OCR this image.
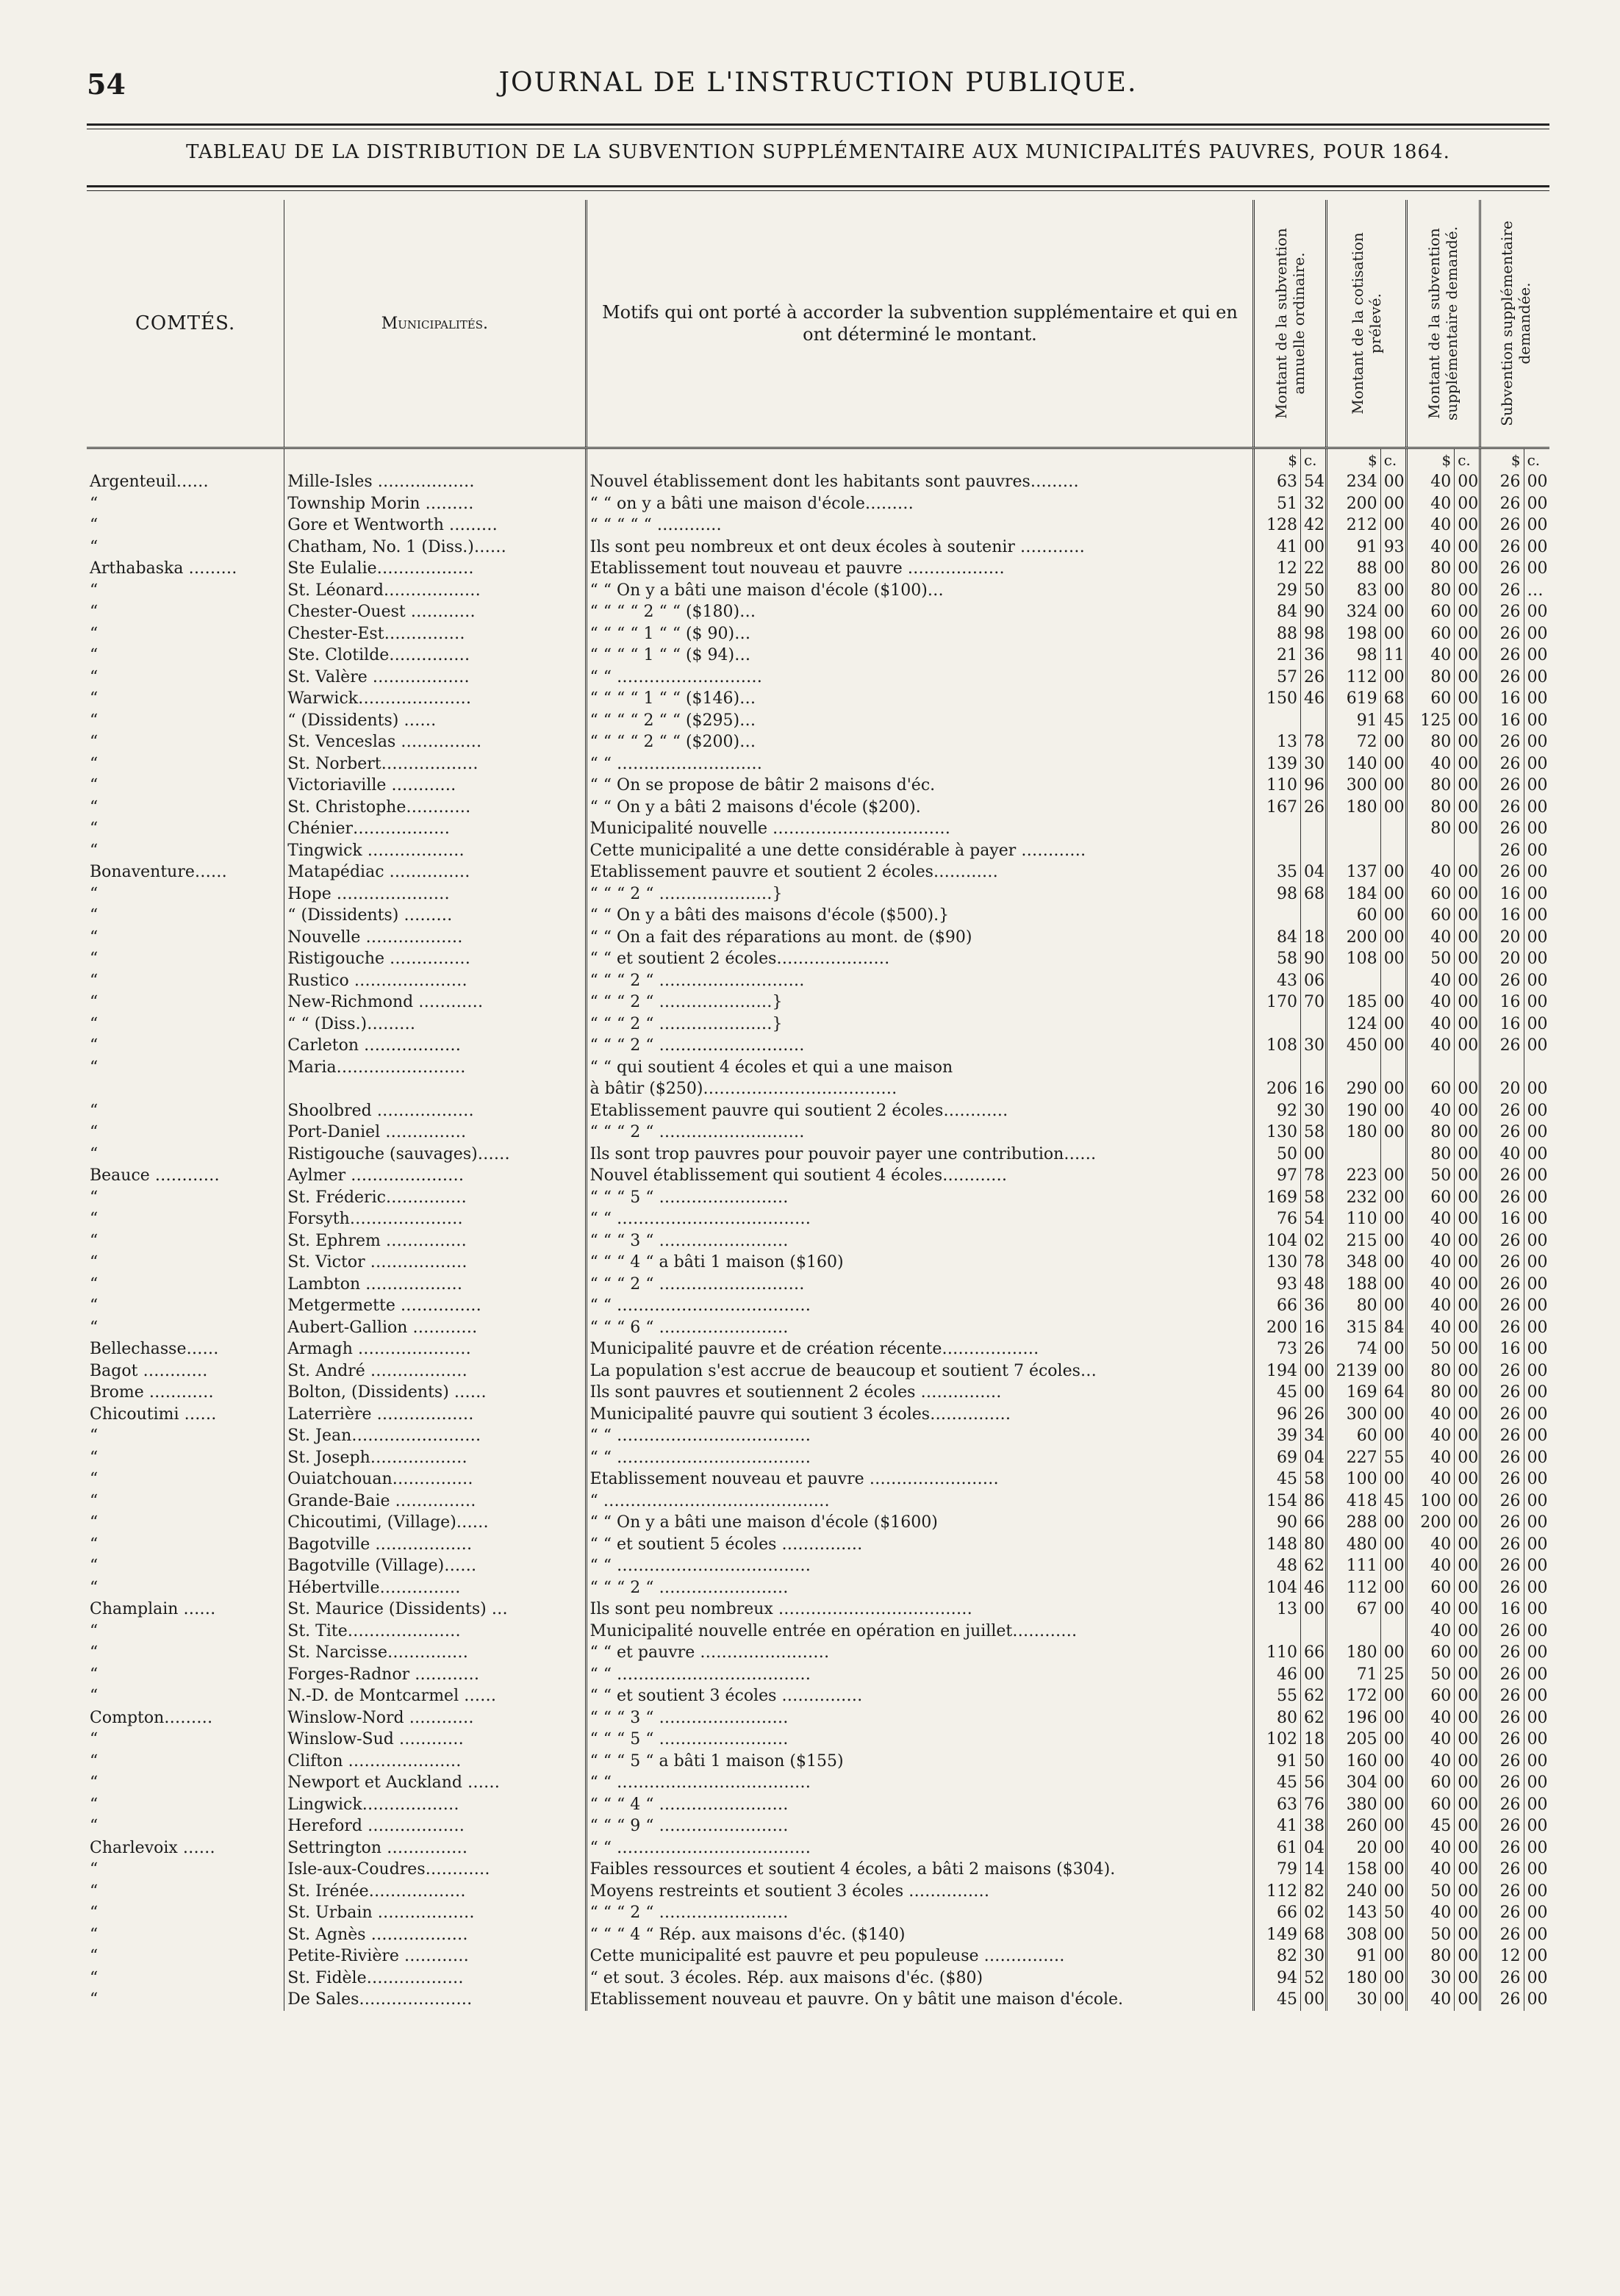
54	JOURNAL DE L'INSTRUCTION PUBLIQUE.
TABLEAU DE LA DISTRIBUTION DE LA SUBVENTION SUPPLÉMENTAIRE AUX MUNICIPALITÉS PAUVRES, POUR 1864.
COMTÉS.	Municipalités.	Motifs qui ont porté à accorder la subvention supplémentaire et qui en ont déterminé le montant.	Montant de la subvention annuelle ordinaire.		Montant de la cotisation prélevé.		Montant de la subvention supplémentaire demandé.		Subvention supplémentaire demandée.	

			$	c.	$	c.	$	c.	$	c.
Argenteuil……	Mille-Isles ………………	Nouvel établissement dont les habitants sont pauvres………	63	54	234	00	40	00	26	00
“	Township Morin ………	“ “ on y a bâti une maison d'école………	51	32	200	00	40	00	26	00
“	Gore et Wentworth ………	“ “ “ “ “ …………	128	42	212	00	40	00	26	00
“	Chatham, No. 1 (Diss.)……	Ils sont peu nombreux et ont deux écoles à soutenir …………	41	00	91	93	40	00	26	00
Arthabaska ………	Ste Eulalie………………	Etablissement tout nouveau et pauvre ………………	12	22	88	00	80	00	26	00
“	St. Léonard………………	“ “ On y a bâti une maison d'école ($100)…	29	50	83	00	80	00	26	…
“	Chester-Ouest …………	“ “ “ “ 2 “ “ ($180)…	84	90	324	00	60	00	26	00
“	Chester-Est……………	“ “ “ “ 1 “ “ ($ 90)…	88	98	198	00	60	00	26	00
“	Ste. Clotilde……………	“ “ “ “ 1 “ “ ($ 94)…	21	36	98	11	40	00	26	00
“	St. Valère ………………	“ “ ………………………	57	26	112	00	80	00	26	00
“	Warwick…………………	“ “ “ “ 1 “ “ ($146)…	150	46	619	68	60	00	16	00
“	“ (Dissidents) ……	“ “ “ “ 2 “ “ ($295)…			91	45	125	00	16	00
“	St. Venceslas ……………	“ “ “ “ 2 “ “ ($200)…	13	78	72	00	80	00	26	00
“	St. Norbert………………	“ “ ………………………	139	30	140	00	40	00	26	00
“	Victoriaville …………	“ “ On se propose de bâtir 2 maisons d'éc.	110	96	300	00	80	00	26	00
“	St. Christophe…………	“ “ On y a bâti 2 maisons d'école ($200).	167	26	180	00	80	00	26	00
“	Chénier………………	Municipalité nouvelle ……………………………					80	00	26	00
“	Tingwick ………………	Cette municipalité a une dette considérable à payer …………							26	00
Bonaventure……	Matapédiac ……………	Etablissement pauvre et soutient 2 écoles…………	35	04	137	00	40	00	26	00
“	Hope …………………	“ “ “ 2 “ …………………}	98	68	184	00	60	00	16	00
“	“ (Dissidents) ………	“ “ On y a bâti des maisons d'école ($500).}			60	00	60	00	16	00
“	Nouvelle ………………	“ “ On a fait des réparations au mont. de ($90)	84	18	200	00	40	00	20	00
“	Ristigouche ……………	“ “ et soutient 2 écoles…………………	58	90	108	00	50	00	20	00
“	Rustico …………………	“ “ “ 2 “ ………………………	43	06			40	00	26	00
“	New-Richmond …………	“ “ “ 2 “ …………………}	170	70	185	00	40	00	16	00
“	“ “ (Diss.)………	“ “ “ 2 “ …………………}			124	00	40	00	16	00
“	Carleton ………………	“ “ “ 2 “ ………………………	108	30	450	00	40	00	26	00
“	Maria……………………	“ “ qui soutient 4 écoles et qui a une maison								
		à bâtir ($250)………………………………	206	16	290	00	60	00	20	00
“	Shoolbred ………………	Etablissement pauvre qui soutient 2 écoles…………	92	30	190	00	40	00	26	00
“	Port-Daniel ……………	“ “ “ 2 “ ………………………	130	58	180	00	80	00	26	00
“	Ristigouche (sauvages)……	Ils sont trop pauvres pour pouvoir payer une contribution……	50	00			80	00	40	00
Beauce …………	Aylmer …………………	Nouvel établissement qui soutient 4 écoles…………	97	78	223	00	50	00	26	00
“	St. Fréderic……………	“ “ “ 5 “ ……………………	169	58	232	00	60	00	26	00
“	Forsyth…………………	“ “ ………………………………	76	54	110	00	40	00	16	00
“	St. Ephrem ……………	“ “ “ 3 “ ……………………	104	02	215	00	40	00	26	00
“	St. Victor ………………	“ “ “ 4 “ a bâti 1 maison ($160)	130	78	348	00	40	00	26	00
“	Lambton ………………	“ “ “ 2 “ ………………………	93	48	188	00	40	00	26	00
“	Metgermette ……………	“ “ ………………………………	66	36	80	00	40	00	26	00
“	Aubert-Gallion …………	“ “ “ 6 “ ……………………	200	16	315	84	40	00	26	00
Bellechasse……	Armagh …………………	Municipalité pauvre et de création récente………………	73	26	74	00	50	00	16	00
Bagot …………	St. André ………………	La population s'est accrue de beaucoup et soutient 7 écoles…	194	00	2139	00	80	00	26	00
Brome …………	Bolton, (Dissidents) ……	Ils sont pauvres et soutiennent 2 écoles ……………	45	00	169	64	80	00	26	00
Chicoutimi ……	Laterrière ………………	Municipalité pauvre qui soutient 3 écoles……………	96	26	300	00	40	00	26	00
“	St. Jean……………………	“ “ ………………………………	39	34	60	00	40	00	26	00
“	St. Joseph………………	“ “ ………………………………	69	04	227	55	40	00	26	00
“	Ouiatchouan……………	Etablissement nouveau et pauvre ……………………	45	58	100	00	40	00	26	00
“	Grande-Baie ……………	“ ……………………………………	154	86	418	45	100	00	26	00
“	Chicoutimi, (Village)……	“ “ On y a bâti une maison d'école ($1600)	90	66	288	00	200	00	26	00
“	Bagotville ………………	“ “ et soutient 5 écoles ……………	148	80	480	00	40	00	26	00
“	Bagotville (Village)……	“ “ ………………………………	48	62	111	00	40	00	26	00
“	Hébertville……………	“ “ “ 2 “ ……………………	104	46	112	00	60	00	26	00
Champlain ……	St. Maurice (Dissidents) …	Ils sont peu nombreux ………………………………	13	00	67	00	40	00	16	00
“	St. Tite…………………	Municipalité nouvelle entrée en opération en juillet…………					40	00	26	00
“	St. Narcisse……………	“ “ et pauvre ……………………	110	66	180	00	60	00	26	00
“	Forges-Radnor …………	“ “ ………………………………	46	00	71	25	50	00	26	00
“	N.-D. de Montcarmel ……	“ “ et soutient 3 écoles ……………	55	62	172	00	60	00	26	00
Compton………	Winslow-Nord …………	“ “ “ 3 “ ……………………	80	62	196	00	40	00	26	00
“	Winslow-Sud …………	“ “ “ 5 “ ……………………	102	18	205	00	40	00	26	00
“	Clifton …………………	“ “ “ 5 “ a bâti 1 maison ($155)	91	50	160	00	40	00	26	00
“	Newport et Auckland ……	“ “ ………………………………	45	56	304	00	60	00	26	00
“	Lingwick………………	“ “ “ 4 “ ……………………	63	76	380	00	60	00	26	00
“	Hereford ………………	“ “ “ 9 “ ……………………	41	38	260	00	45	00	26	00
Charlevoix ……	Settrington ……………	“ “ ………………………………	61	04	20	00	40	00	26	00
“	Isle-aux-Coudres…………	Faibles ressources et soutient 4 écoles, a bâti 2 maisons ($304).	79	14	158	00	40	00	26	00
“	St. Irénée………………	Moyens restreints et soutient 3 écoles ……………	112	82	240	00	50	00	26	00
“	St. Urbain ………………	“ “ “ 2 “ ……………………	66	02	143	50	40	00	26	00
“	St. Agnès ………………	“ “ “ 4 “ Rép. aux maisons d'éc. ($140)	149	68	308	00	50	00	26	00
“	Petite-Rivière …………	Cette municipalité est pauvre et peu populeuse ……………	82	30	91	00	80	00	12	00
“	St. Fidèle………………	“ et sout. 3 écoles. Rép. aux maisons d'éc. ($80)	94	52	180	00	30	00	26	00
“	De Sales…………………	Etablissement nouveau et pauvre. On y bâtit une maison d'école.	45	00	30	00	40	00	26	00
